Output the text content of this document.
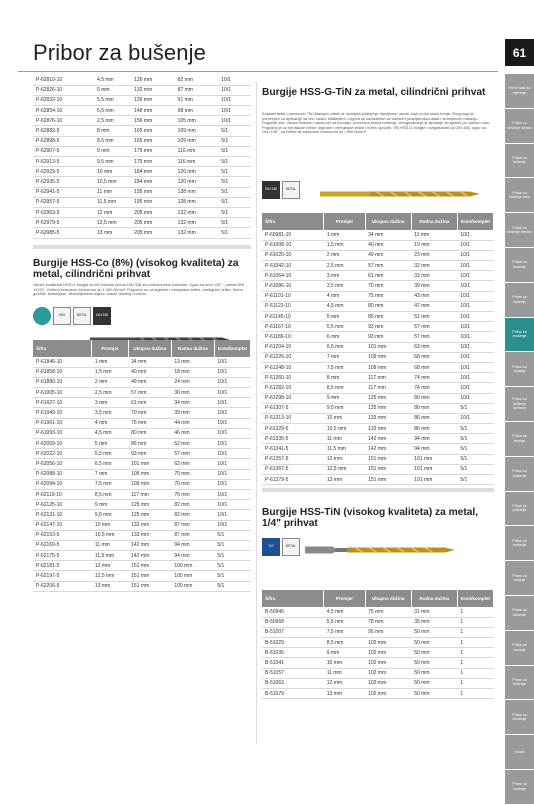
Pribor za bušenje	61
Ručni alati za mjerenje
Pribor za bušenje metala
Pribor za bušenje
Pribor za bušenje drva
Pribor za bušenje betona
Pribor za bušenje
Pribor za bušenje
Pribor za brušenje
Pribor za rezanje
Pribor za bušenje kamena
Pribor za rezanje
Pribor za brušenje
Pribor za poliranje
Pribor za brušenje
Pribor za rezanje
Pribor za bušenje
Pribor za rezanje
Pribor za bušenje
Pribor za brušenje
Ostalo
Pribor za bušenje
P-62810-10	4,5 mm	126 mm	82 mm	10/1
P-62826-10	5 mm	132 mm	87 mm	10/1
P-62832-10	5,5 mm	139 mm	91 mm	10/1
P-62854-10	6,5 mm	148 mm	98 mm	10/1
P-62876-10	2,5 mm	156 mm	105 mm	10/1
P-62882-5	8 mm	165 mm	109 mm	5/1
P-62898-5	8,5 mm	165 mm	109 mm	5/1
P-62907-5	9 mm	175 mm	116 mm	5/1
P-62913-5	9,5 mm	175 mm	116 mm	5/1
P-62929-5	10 mm	184 mm	120 mm	5/1
P-62935-5	10,5 mm	184 mm	120 mm	5/1
P-62941-5	11 mm	195 mm	128 mm	5/1
P-62957-5	11,5 mm	195 mm	128 mm	5/1
P-62963-5	12 mm	205 mm	132 mm	5/1
P-62979-5	12,5 mm	205 mm	132 mm	5/1
P-62985-5	13 mm	205 mm	132 mm	5/1
Burgije HSS-Co (8%) (visokog kvaliteta) za metal, cilindrični prihvat
Visoke kvalitetna HSS-G burgija sa 8% kobalta prema DIN 338 za profesionalne korisnike. Ugao na vrhu 130° - prema DIN 1412C. Celična železnom čvrstoćom do 1.400 N/mm². Pogodne su za legirane i nelegirane čelike, nerđajuće čelike, livenu gvožđe, aluminijum, aluminijumske legure, bakar, mesing i bronzu.
HSS	METAL	DIN 338
Šifra	Promjer	Ukupna dužina	Radna dužina	Kom/komplet
P-61846-10	1 mm	34 mm	13 mm	10/1
P-61858-10	1,5 mm	40 mm	18 mm	10/1
P-61880-10	2 mm	49 mm	24 mm	10/1
P-61905-10	2,5 mm	57 mm	30 mm	10/1
P-61927-10	3 mm	61 mm	34 mm	10/1
P-61949-10	3,5 mm	70 mm	39 mm	10/1
P-61961-10	4 mm	75 mm	44 mm	10/1
P-61993-10	4,5 mm	80 mm	46 mm	10/1
P-62009-10	5 mm	86 mm	52 mm	10/1
P-62022-10	5,5 mm	93 mm	57 mm	10/1
P-62056-10	6,5 mm	101 mm	63 mm	10/1
P-62088-10	7 mm	109 mm	70 mm	10/1
P-62094-10	7,5 mm	109 mm	70 mm	10/1
P-62119-10	8,5 mm	117 mm	76 mm	10/1
P-62125-10	9 mm	125 mm	82 mm	10/1
P-62131-10	9,5 mm	125 mm	82 mm	10/1
P-62147-10	10 mm	133 mm	87 mm	10/1
P-62153-5	10,5 mm	133 mm	87 mm	5/1
P-62169-5	11 mm	142 mm	94 mm	5/1
P-62175-5	11,5 mm	142 mm	94 mm	5/1
P-62181-5	12 mm	151 mm	100 mm	5/1
P-62197-5	12,5 mm	151 mm	100 mm	5/1
P-62206-5	13 mm	151 mm	100 mm	5/1
Burgije HSS-G-TiN za metal, cilindrični prihvat
Karakteristike i prednosti: TiN (titanijum-nitrid) je hemijsko jedinjenje titanijuma i azota, koje pruža nisko trenje. Zbog toga je primenjivo za aplikacije sa vrlo niskim hlađenjem. Legura se karakteriše sa visokom postojanošću alata i smanjenom habanju. Dugačak vek, visoka tvrdoća i otpornost na koroziju, povećana brzina bušenja, omogućavanje je ispiranje strugotine po vidnom rubu. Pogodna je za nerđajuće čelike, legirane i nelegirane čelike i livenu gvožđe. TiN HSS-G burgije u saglasnosti sa DIN 338, ugao na vrhu 135°, za čelike sa zateznom čvrstoćom do <900 N/mm².
DIN 338	METAL
Šifra	Promjer	Ukupna dužina	Radna dužina	Kom/komplet
P-60981-10	1 mm	34 mm	11 mm	10/1
P-61008-10	1,5 mm	40 mm	19 mm	10/1
P-61020-10	2 mm	49 mm	23 mm	10/1
P-61042-10	2,5 mm	57 mm	32 mm	10/1
P-61064-10	3 mm	61 mm	33 mm	10/1
P-61086-10	3,5 mm	70 mm	39 mm	10/1
P-61101-10	4 mm	75 mm	43 mm	10/1
P-61123-10	4,5 mm	80 mm	47 mm	10/1
P-61145-10	5 mm	86 mm	51 mm	10/1
P-61167-10	5,5 mm	93 mm	57 mm	10/1
P-61189-10	6 mm	93 mm	57 mm	10/1
P-61204-10	6,5 mm	101 mm	63 mm	10/1
P-61226-10	7 mm	109 mm	68 mm	10/1
P-61248-10	7,5 mm	109 mm	68 mm	10/1
P-61260-10	8 mm	117 mm	74 mm	10/1
P-61282-10	8,5 mm	117 mm	74 mm	10/1
P-61298-10	9 mm	125 mm	80 mm	10/1
P-61307-5	9,5 mm	125 mm	80 mm	5/1
P-61313-10	10 mm	133 mm	86 mm	10/1
P-61329-5	10,5 mm	133 mm	86 mm	5/1
P-61335-5	11 mm	142 mm	94 mm	5/1
P-61341-5	11,5 mm	142 mm	94 mm	5/1
P-61357-5	12 mm	151 mm	101 mm	5/1
P-61367-5	12,5 mm	151 mm	101 mm	5/1
P-61379-5	13 mm	151 mm	101 mm	5/1
Burgije HSS-TiN (visokog kvaliteta) za metal, 1/4" prihvat
1/4"	METAL
Šifra	Promjer	Ukupna dužina	Radna dužina	Kom/komplet
B-50946	4,5 mm	75 mm	31 mm	1
B-50968	5,5 mm	78 mm	35 mm	1
B-51007	7,5 mm	95 mm	50 mm	1
B-51029	8,5 mm	102 mm	50 mm	1
B-51035	9 mm	102 mm	50 mm	1
B-51041	10 mm	102 mm	50 mm	1
B-51057	11 mm	102 mm	50 mm	1
B-51063	12 mm	102 mm	50 mm	1
B-51079	13 mm	102 mm	50 mm	1
